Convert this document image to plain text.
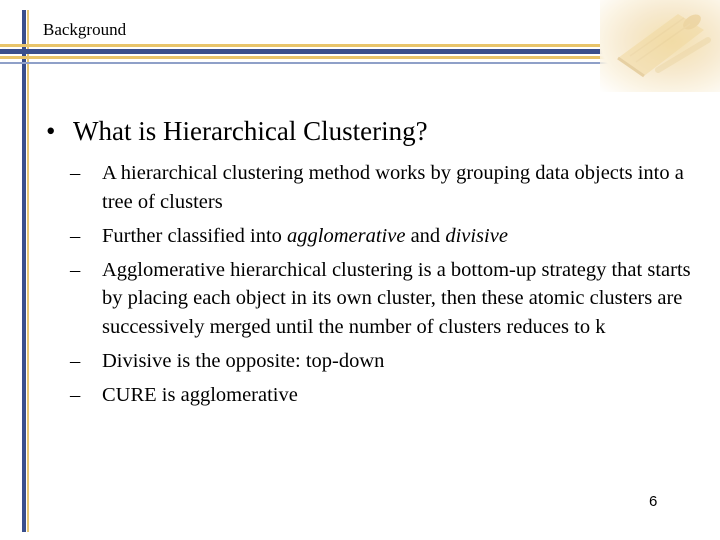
Background

• What is Hierarchical Clustering?

– A hierarchical clustering method works by grouping data objects into a tree of clusters
– Further classified into agglomerative and divisive
– Agglomerative hierarchical clustering is a bottom-up strategy that starts by placing each object in its own cluster, then these atomic clusters are successively merged until the number of clusters reduces to k
– Divisive is the opposite: top-down
– CURE is agglomerative
6
